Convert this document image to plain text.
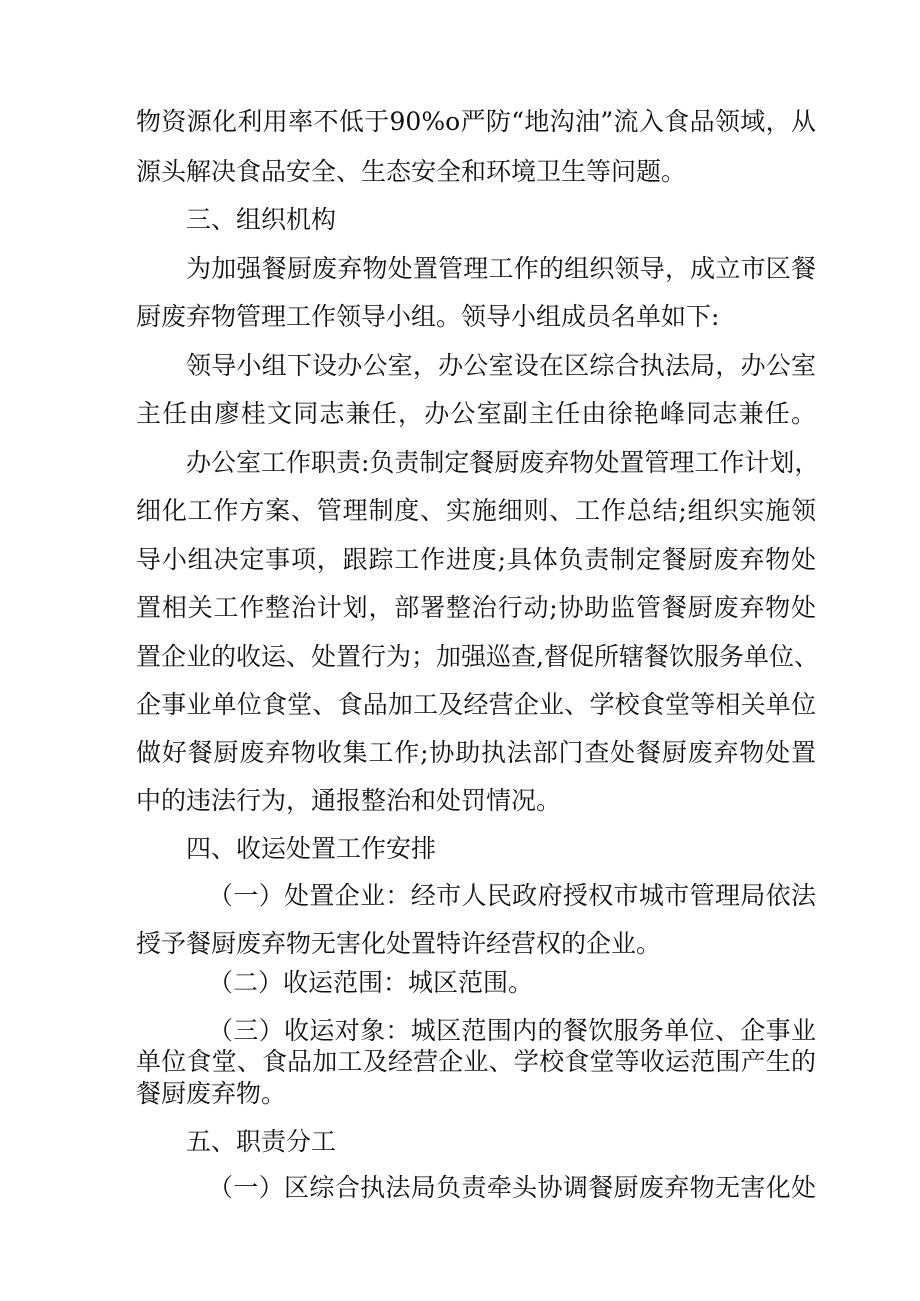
物资源化利用率不低于90%o严防“地沟油”流入食品领域，从
源头解决食品安全、生态安全和环境卫生等问题。
三、组织机构
为加强餐厨废弃物处置管理工作的组织领导，成立市区餐
厨废弃物管理工作领导小组。领导小组成员名单如下:
领导小组下设办公室，办公室设在区综合执法局，办公室
主任由廖桂文同志兼任，办公室副主任由徐艳峰同志兼任。
办公室工作职责:负责制定餐厨废弃物处置管理工作计划，
细化工作方案、管理制度、实施细则、工作总结;组织实施领
导小组决定事项，跟踪工作进度;具体负责制定餐厨废弃物处
置相关工作整治计划，部署整治行动;协助监管餐厨废弃物处
置企业的收运、处置行为；加强巡查,督促所辖餐饮服务单位、
企事业单位食堂、食品加工及经营企业、学校食堂等相关单位
做好餐厨废弃物收集工作;协助执法部门查处餐厨废弃物处置
中的违法行为，通报整治和处罚情况。
四、收运处置工作安排
（一）处置企业：经市人民政府授权市城市管理局依法
授予餐厨废弃物无害化处置特许经营权的企业。
（二）收运范围：城区范围。
（三）收运对象：城区范围内的餐饮服务单位、企事业
单位食堂、食品加工及经营企业、学校食堂等收运范围产生的
餐厨废弃物。
五、职责分工
（一）区综合执法局负责牵头协调餐厨废弃物无害化处
